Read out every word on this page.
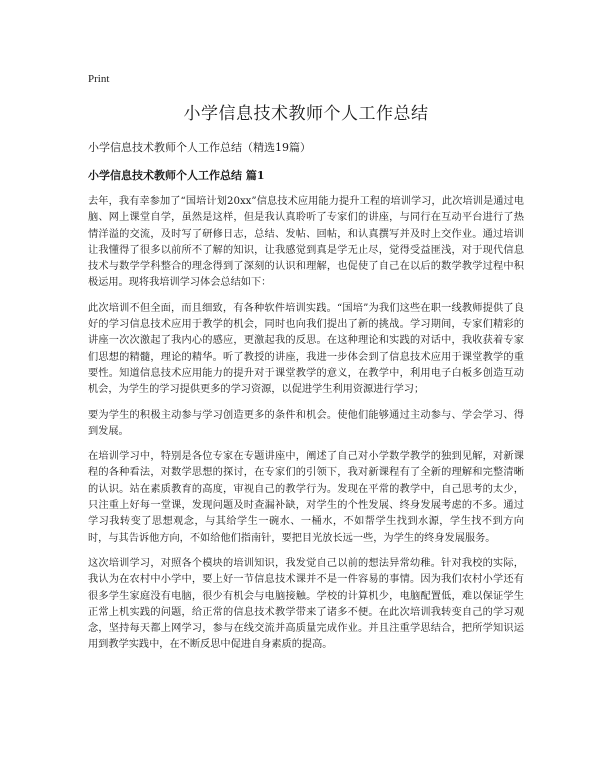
Print
小学信息技术教师个人工作总结

小学信息技术教师个人工作总结（精选19篇）

小学信息技术教师个人工作总结 篇1

去年，我有幸参加了“国培计划20xx”信息技术应用能力提升工程的培训学习，此次培训是通过电脑、网上课堂自学，虽然是这样，但是我认真聆听了专家们的讲座，与同行在互动平台进行了热情洋溢的交流，及时写了研修日志，总结、发帖、回帖，和认真撰写并及时上交作业。通过培训让我懂得了很多以前所不了解的知识，让我感觉到真是学无止尽，觉得受益匪浅，对于现代信息技术与数学学科整合的理念得到了深刻的认识和理解，也促使了自己在以后的数学教学过程中积极运用。现将我培训学习体会总结如下：

此次培训不但全面，而且细致，有各种软件培训实践。“国培”为我们这些在职一线教师提供了良好的学习信息技术应用于教学的机会，同时也向我们提出了新的挑战。学习期间，专家们精彩的讲座一次次激起了我内心的感应，更激起我的反思。在这种理论和实践的对话中，我收获着专家们思想的精髓，理论的精华。听了教授的讲座，我进一步体会到了信息技术应用于课堂教学的重要性。知道信息技术应用能力的提升对于课堂教学的意义，在教学中，利用电子白板多创造互动机会，为学生的学习提供更多的学习资源，以促进学生利用资源进行学习；

要为学生的积极主动参与学习创造更多的条件和机会。使他们能够通过主动参与、学会学习、得到发展。

在培训学习中，特别是各位专家在专题讲座中，阐述了自己对小学数学教学的独到见解，对新课程的各种看法，对数学思想的探讨，在专家们的引领下，我对新课程有了全新的理解和完整清晰的认识。站在素质教育的高度，审视自己的教学行为。发现在平常的教学中，自己思考的太少，只注重上好每一堂课，发现问题及时查漏补缺，对学生的个性发展、终身发展考虑的不多。通过学习我转变了思想观念，与其给学生一碗水、一桶水，不如帮学生找到水源，学生找不到方向时，与其告诉他方向，不如给他们指南针，要把目光放长远一些，为学生的终身发展服务。

这次培训学习，对照各个模块的培训知识，我发觉自己以前的想法异常幼稚。针对我校的实际，我认为在农村中小学中，要上好一节信息技术课并不是一件容易的事情。因为我们农村小学还有很多学生家庭没有电脑，很少有机会与电脑接触。学校的计算机少，电脑配置低，难以保证学生正常上机实践的问题，给正常的信息技术教学带来了诸多不便。在此次培训我转变自己的学习观念，坚持每天都上网学习，参与在线交流并高质量完成作业。并且注重学思结合，把所学知识运用到教学实践中，在不断反思中促进自身素质的提高。
